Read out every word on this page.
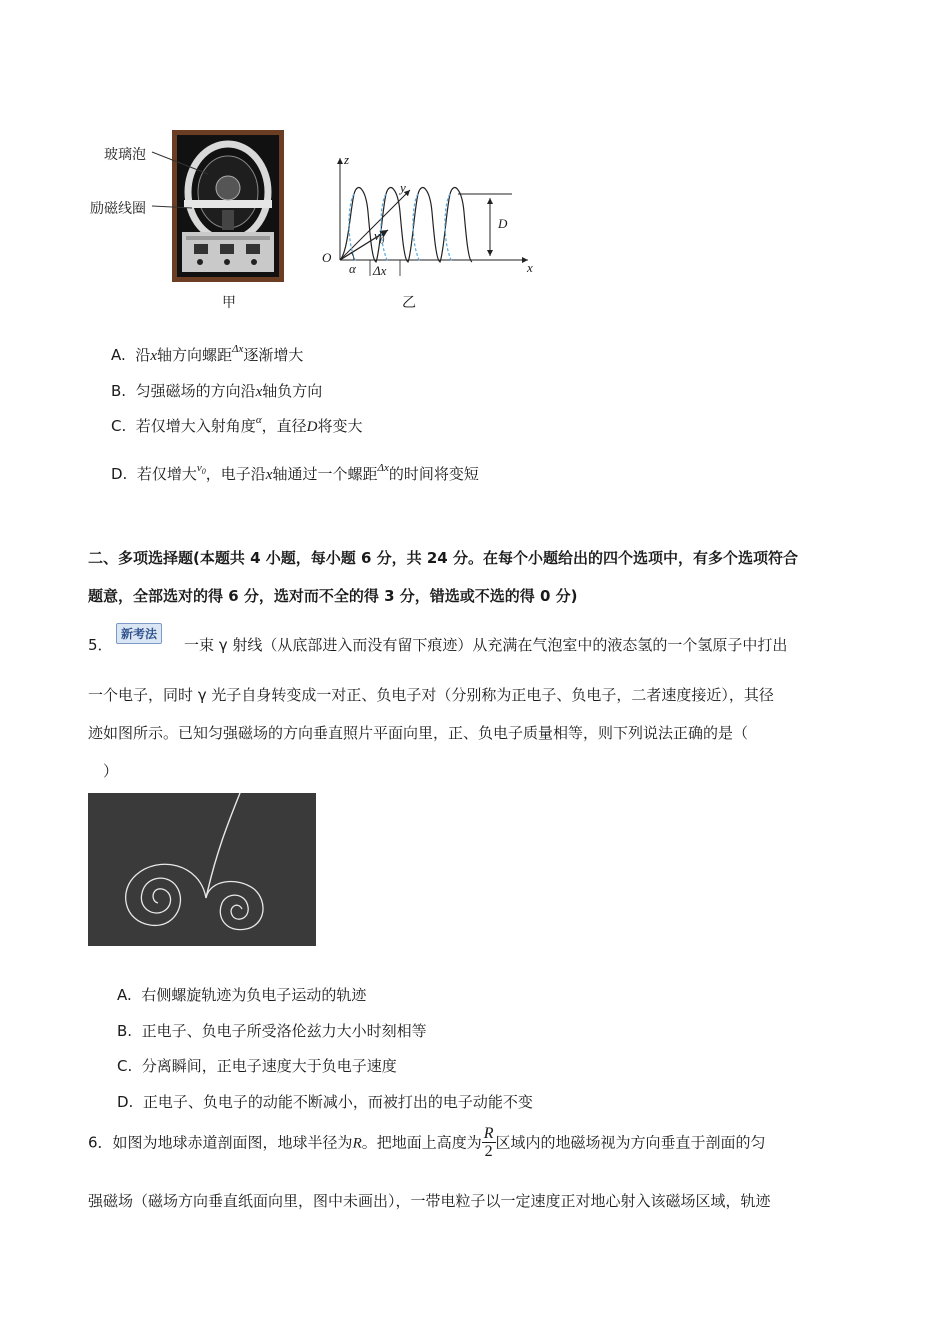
玻璃泡
励磁线圈
甲
z
y
x
O
$v_0$
α Δx
D
乙
A. 沿x轴方向螺距$^{\Delta x}$逐渐增大
B. 匀强磁场的方向沿x轴负方向
C. 若仅增大入射角度$^\alpha$，直径D将变大
D. 若仅增大$^{v_0}$，电子沿x轴通过一个螺距$^{\Delta x}$的时间将变短
二、多项选择题(本题共 4 小题，每小题 6 分，共 24 分。在每个小题给出的四个选项中，有多个选项符合
题意，全部选对的得 6 分，选对而不全的得 3 分，错选或不选的得 0 分)
5．
新考法
一束 γ 射线（从底部进入而没有留下痕迹）从充满在气泡室中的液态氢的一个氢原子中打出
一个电子，同时 γ 光子自身转变成一对正、负电子对（分别称为正电子、负电子，二者速度接近），其径
迹如图所示。已知匀强磁场的方向垂直照片平面向里，正、负电子质量相等，则下列说法正确的是（
）
A. 右侧螺旋轨迹为负电子运动的轨迹
B. 正电子、负电子所受洛伦兹力大小时刻相等
C. 分离瞬间，正电子速度大于负电子速度
D. 正电子、负电子的动能不断减小，而被打出的电子动能不变
6．如图为地球赤道剖面图，地球半径为R。把地面上高度为 $\frac{R}{2}$ 区域内的地磁场视为方向垂直于剖面的匀
强磁场（磁场方向垂直纸面向里，图中未画出），一带电粒子以一定速度正对地心射入该磁场区域，轨迹
